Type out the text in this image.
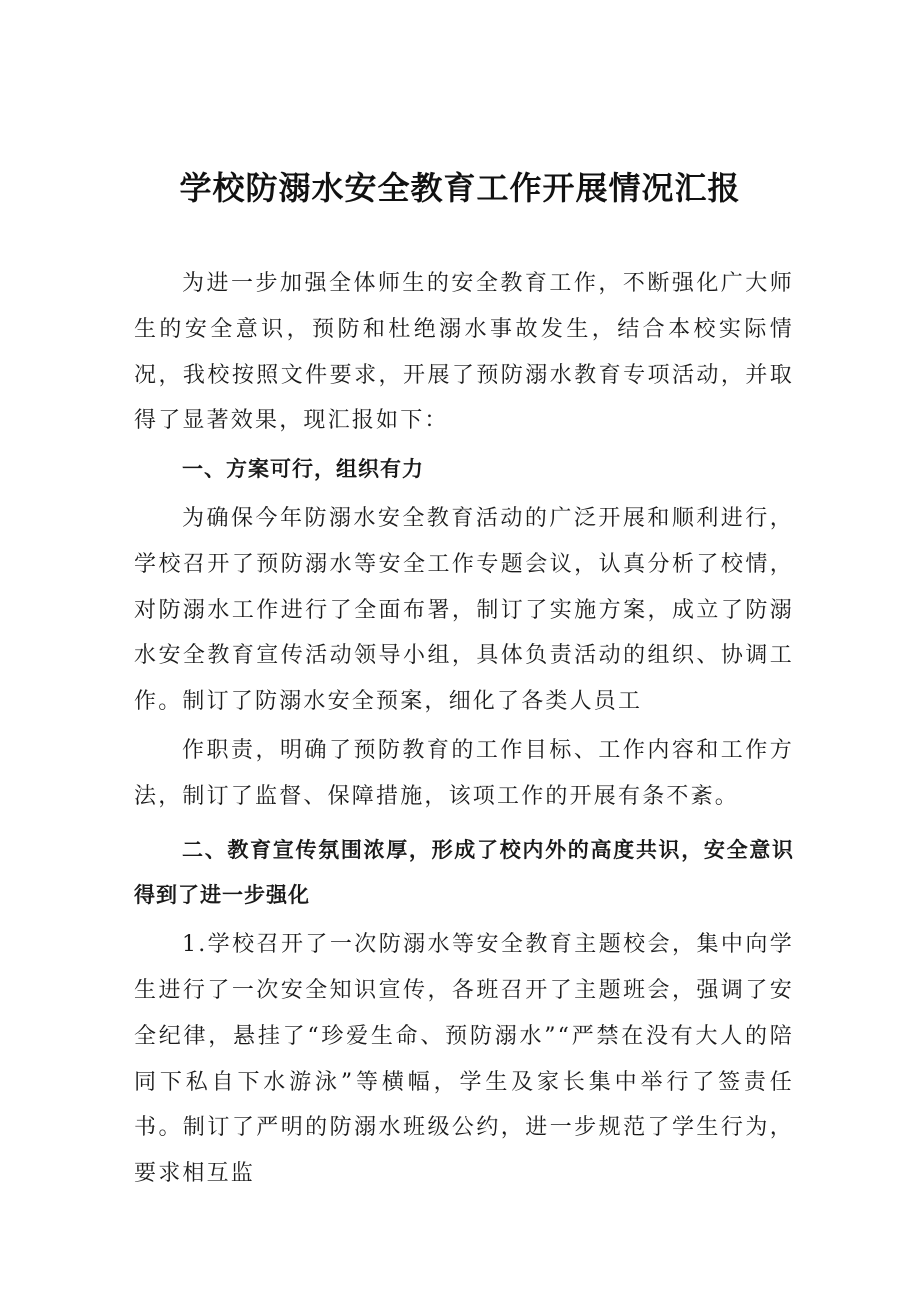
学校防溺水安全教育工作开展情况汇报

为进一步加强全体师生的安全教育工作，不断强化广大师生的安全意识，预防和杜绝溺水事故发生，结合本校实际情况，我校按照文件要求，开展了预防溺水教育专项活动，并取得了显著效果，现汇报如下：

一、方案可行，组织有力

为确保今年防溺水安全教育活动的广泛开展和顺利进行，学校召开了预防溺水等安全工作专题会议，认真分析了校情，对防溺水工作进行了全面布署，制订了实施方案，成立了防溺水安全教育宣传活动领导小组，具体负责活动的组织、协调工作。制订了防溺水安全预案，细化了各类人员工

作职责，明确了预防教育的工作目标、工作内容和工作方法，制订了监督、保障措施，该项工作的开展有条不紊。

二、教育宣传氛围浓厚，形成了校内外的高度共识，安全意识得到了进一步强化

1.学校召开了一次防溺水等安全教育主题校会，集中向学生进行了一次安全知识宣传，各班召开了主题班会，强调了安全纪律，悬挂了“珍爱生命、预防溺水”“严禁在没有大人的陪同下私自下水游泳”等横幅，学生及家长集中举行了签责任书。制订了严明的防溺水班级公约，进一步规范了学生行为，要求相互监
